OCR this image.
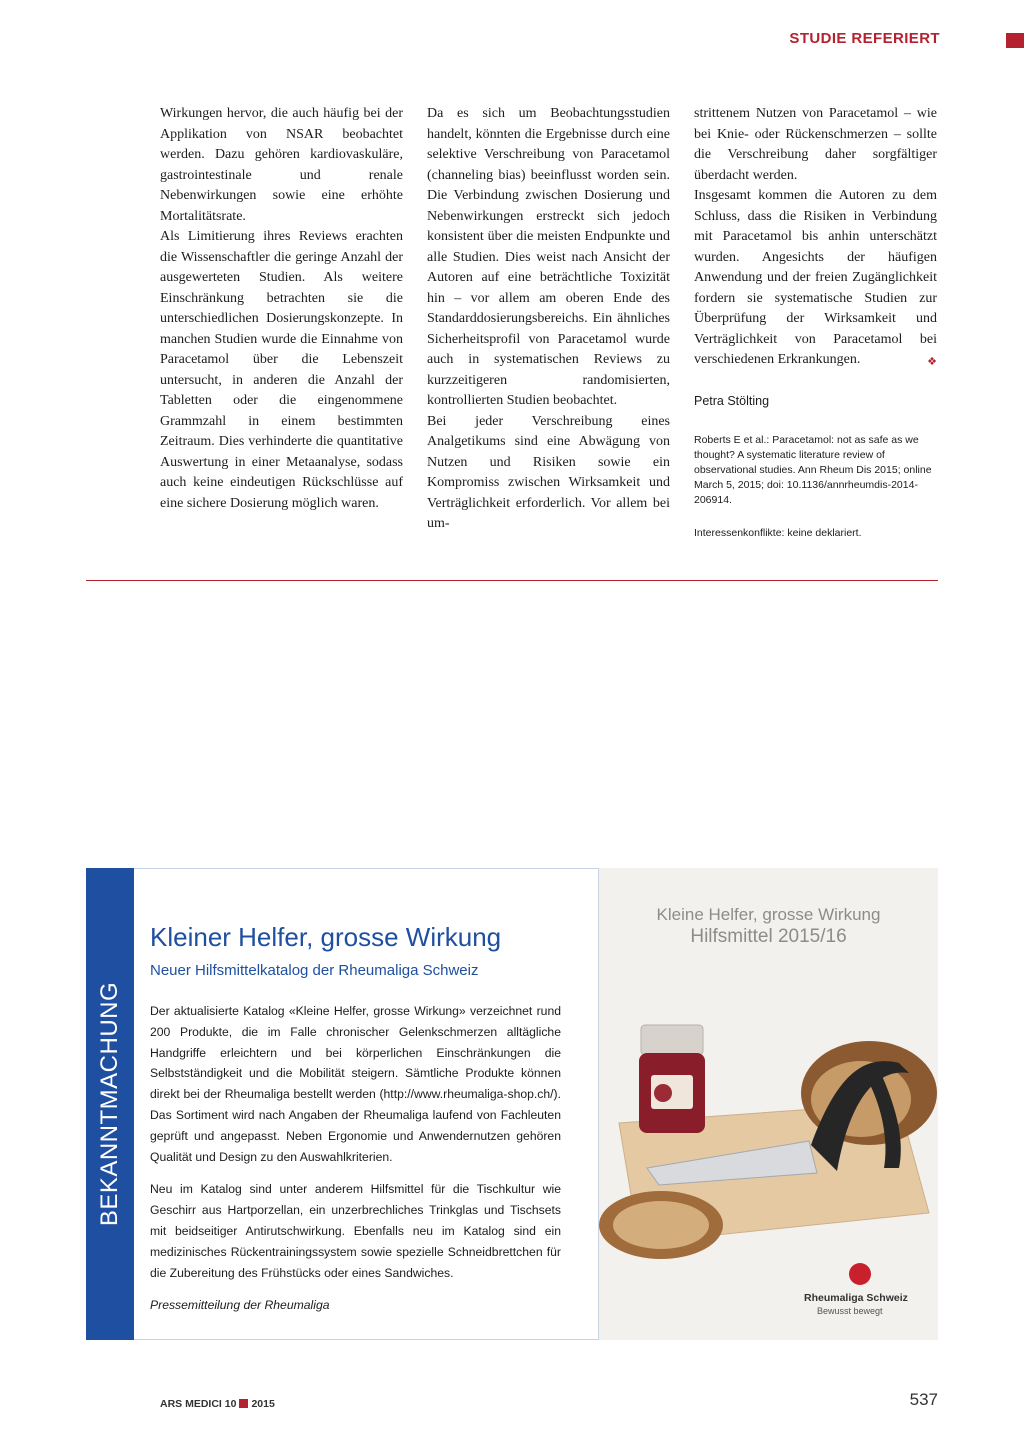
STUDIE REFERIERT

Wirkungen hervor, die auch häufig bei der Applikation von NSAR beobachtet werden. Dazu gehören kardiovaskuläre, gastrointestinale und renale Nebenwirkungen sowie eine erhöhte Mortalitätsrate.

Als Limitierung ihres Reviews erachten die Wissenschaftler die geringe Anzahl der ausgewerteten Studien. Als weitere Einschränkung betrachten sie die unterschiedlichen Dosierungskonzepte. In manchen Studien wurde die Einnahme von Paracetamol über die Lebenszeit untersucht, in anderen die Anzahl der Tabletten oder die eingenommene Grammzahl in einem bestimmten Zeitraum. Dies verhinderte die quantitative Auswertung in einer Metaanalyse, sodass auch keine eindeutigen Rückschlüsse auf eine sichere Dosierung möglich waren.

Da es sich um Beobachtungsstudien handelt, könnten die Ergebnisse durch eine selektive Verschreibung von Paracetamol (channeling bias) beeinflusst worden sein. Die Verbindung zwischen Dosierung und Nebenwirkungen erstreckt sich jedoch konsistent über die meisten Endpunkte und alle Studien. Dies weist nach Ansicht der Autoren auf eine beträchtliche Toxizität hin – vor allem am oberen Ende des Standarddosierungsbereichs. Ein ähnliches Sicherheitsprofil von Paracetamol wurde auch in systematischen Reviews zu kurzzeitigeren randomisierten, kontrollierten Studien beobachtet.

Bei jeder Verschreibung eines Analgetikums sind eine Abwägung von Nutzen und Risiken sowie ein Kompromiss zwischen Wirksamkeit und Verträglichkeit erforderlich. Vor allem bei um-

strittenem Nutzen von Paracetamol – wie bei Knie- oder Rückenschmerzen – sollte die Verschreibung daher sorgfältiger überdacht werden.

Insgesamt kommen die Autoren zu dem Schluss, dass die Risiken in Verbindung mit Paracetamol bis anhin unterschätzt wurden. Angesichts der häufigen Anwendung und der freien Zugänglichkeit fordern sie systematische Studien zur Überprüfung der Wirksamkeit und Verträglichkeit von Paracetamol bei verschiedenen Erkrankungen.	❖

Petra Stölting

Roberts E et al.: Paracetamol: not as safe as we thought? A systematic literature review of observational studies. Ann Rheum Dis 2015; online March 5, 2015; doi: 10.1136/annrheumdis-2014-206914.

Interessenkonflikte: keine deklariert.

BEKANNTMACHUNG
Kleiner Helfer, grosse Wirkung
Neuer Hilfsmittelkatalog der Rheumaliga Schweiz

Der aktualisierte Katalog «Kleine Helfer, grosse Wirkung» verzeichnet rund 200 Produkte, die im Falle chronischer Gelenkschmerzen alltägliche Handgriffe erleichtern und bei körperlichen Einschränkungen die Selbstständigkeit und die Mobilität steigern. Sämtliche Produkte können direkt bei der Rheumaliga bestellt werden (http://www.rheumaliga-shop.ch/). Das Sortiment wird nach Angaben der Rheumaliga laufend von Fachleuten geprüft und angepasst. Neben Ergonomie und Anwendernutzen gehören Qualität und Design zu den Auswahlkriterien.

Neu im Katalog sind unter anderem Hilfsmittel für die Tischkultur wie Geschirr aus Hartporzellan, ein unzerbrechliches Trinkglas und Tischsets mit beidseitiger Antirutschwirkung. Ebenfalls neu im Katalog sind ein medizinisches Rückentrainingssystem sowie spezielle Schneidbrettchen für die Zubereitung des Frühstücks oder eines Sandwiches.

Pressemitteilung der Rheumaliga

Kleine Helfer, grosse Wirkung
Hilfsmittel 2015/16
Rheumaliga Schweiz
Bewusst bewegt
ARS MEDICI 10 2015	537
